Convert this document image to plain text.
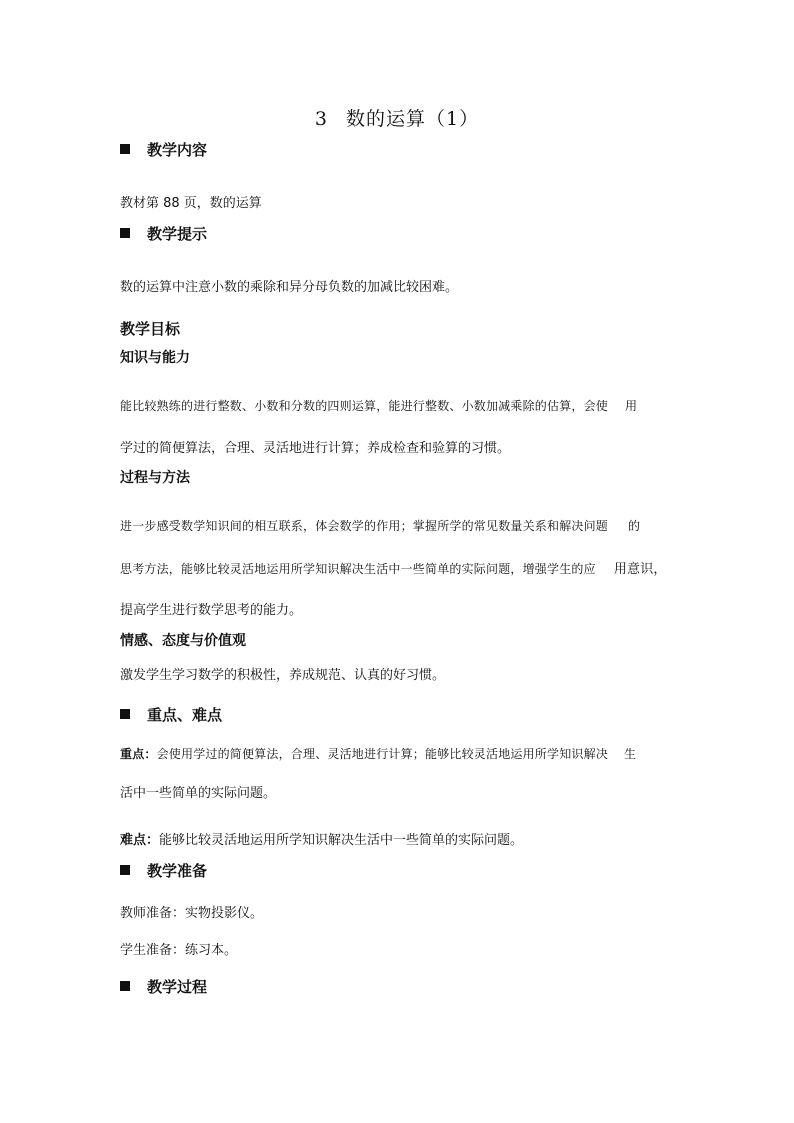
3 数的运算（1）
教学内容
教材第 88 页，数的运算
教学提示
数的运算中注意小数的乘除和异分母负数的加减比较困难。
教学目标
知识与能力
能比较熟练的进行整数、小数和分数的四则运算，能进行整数、小数加减乘除的估算，会使 用
学过的简便算法，合理、灵活地进行计算；养成检查和验算的习惯。
过程与方法
进一步感受数学知识间的相互联系，体会数学的作用；掌握所学的常见数量关系和解决问题 的
思考方法，能够比较灵活地运用所学知识解决生活中一些简单的实际问题，增强学生的应 用意识，
提高学生进行数学思考的能力。
情感、态度与价值观
激发学生学习数学的积极性，养成规范、认真的好习惯。
重点、难点
重点：会使用学过的简便算法，合理、灵活地进行计算；能够比较灵活地运用所学知识解决 生
活中一些简单的实际问题。
难点：能够比较灵活地运用所学知识解决生活中一些简单的实际问题。
教学准备
教师准备：实物投影仪。
学生准备：练习本。
教学过程
